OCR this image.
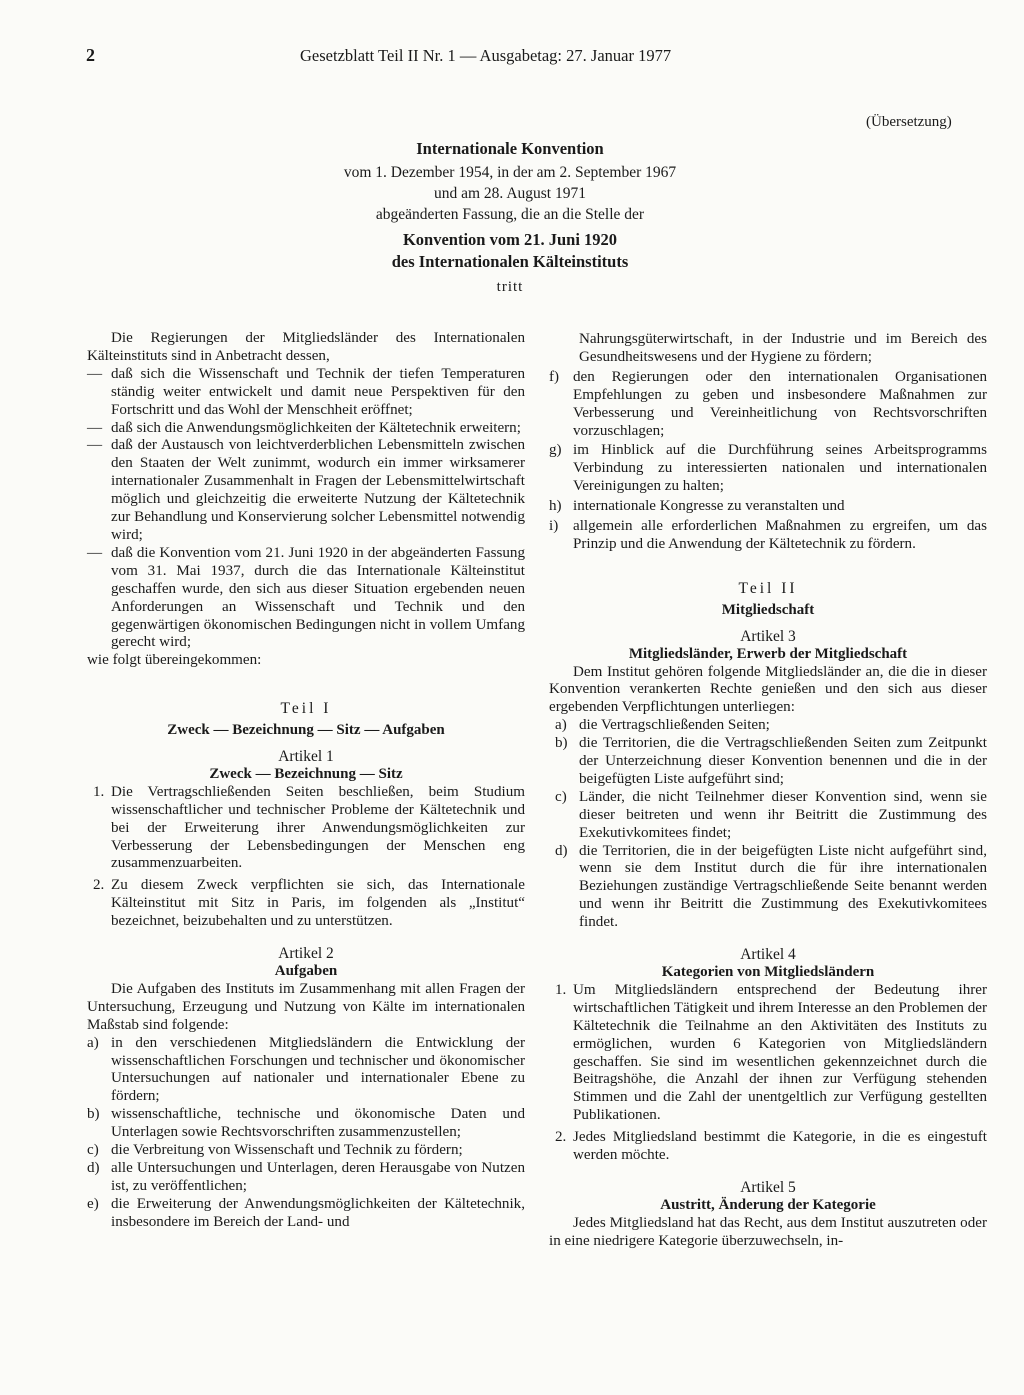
2	Gesetzblatt Teil II Nr. 1 — Ausgabetag: 27. Januar 1977
(Übersetzung)
Internationale Konvention
vom 1. Dezember 1954, in der am 2. September 1967
und am 28. August 1971
abgeänderten Fassung, die an die Stelle der
Konvention vom 21. Juni 1920
des Internationalen Kälteinstituts
tritt

Die Regierungen der Mitgliedsländer des Internationalen Kälteinstituts sind in Anbetracht dessen,

— daß sich die Wissenschaft und Technik der tiefen Temperaturen ständig weiter entwickelt und damit neue Perspektiven für den Fortschritt und das Wohl der Menschheit eröffnet;
— daß sich die Anwendungsmöglichkeiten der Kältetechnik erweitern;
— daß der Austausch von leichtverderblichen Lebensmitteln zwischen den Staaten der Welt zunimmt, wodurch ein immer wirksamerer internationaler Zusammenhalt in Fragen der Lebensmittelwirtschaft möglich und gleichzeitig die erweiterte Nutzung der Kältetechnik zur Behandlung und Konservierung solcher Lebensmittel notwendig wird;
— daß die Konvention vom 21. Juni 1920 in der abgeänderten Fassung vom 31. Mai 1937, durch die das Internationale Kälteinstitut geschaffen wurde, den sich aus dieser Situation ergebenden neuen Anforderungen an Wissenschaft und Technik und den gegenwärtigen ökonomischen Bedingungen nicht in vollem Umfang gerecht wird;

wie folgt übereingekommen:

Teil I
Zweck — Bezeichnung — Sitz — Aufgaben
Artikel 1
Zweck — Bezeichnung — Sitz
1. Die Vertragschließenden Seiten beschließen, beim Studium wissenschaftlicher und technischer Probleme der Kältetechnik und bei der Erweiterung ihrer Anwendungsmöglichkeiten zur Verbesserung der Lebensbedingungen der Menschen eng zusammenzuarbeiten.
2. Zu diesem Zweck verpflichten sie sich, das Internationale Kälteinstitut mit Sitz in Paris, im folgenden als „Institut“ bezeichnet, beizubehalten und zu unterstützen.
Artikel 2
Aufgaben

Die Aufgaben des Instituts im Zusammenhang mit allen Fragen der Untersuchung, Erzeugung und Nutzung von Kälte im internationalen Maßstab sind folgende:

a) in den verschiedenen Mitgliedsländern die Entwicklung der wissenschaftlichen Forschungen und technischer und ökonomischer Untersuchungen auf nationaler und internationaler Ebene zu fördern;
b) wissenschaftliche, technische und ökonomische Daten und Unterlagen sowie Rechtsvorschriften zusammenzustellen;
c) die Verbreitung von Wissenschaft und Technik zu fördern;
d) alle Untersuchungen und Unterlagen, deren Herausgabe von Nutzen ist, zu veröffentlichen;
e) die Erweiterung der Anwendungsmöglichkeiten der Kältetechnik, insbesondere im Bereich der Land- und

Nahrungsgüterwirtschaft, in der Industrie und im Bereich des Gesundheitswesens und der Hygiene zu fördern;

f) den Regierungen oder den internationalen Organisationen Empfehlungen zu geben und insbesondere Maßnahmen zur Verbesserung und Vereinheitlichung von Rechtsvorschriften vorzuschlagen;
g) im Hinblick auf die Durchführung seines Arbeitsprogramms Verbindung zu interessierten nationalen und internationalen Vereinigungen zu halten;
h) internationale Kongresse zu veranstalten und
i) allgemein alle erforderlichen Maßnahmen zu ergreifen, um das Prinzip und die Anwendung der Kältetechnik zu fördern.
Teil II
Mitgliedschaft
Artikel 3
Mitgliedsländer, Erwerb der Mitgliedschaft

Dem Institut gehören folgende Mitgliedsländer an, die die in dieser Konvention verankerten Rechte genießen und den sich aus dieser ergebenden Verpflichtungen unterliegen:

a) die Vertragschließenden Seiten;
b) die Territorien, die die Vertragschließenden Seiten zum Zeitpunkt der Unterzeichnung dieser Konvention benennen und die in der beigefügten Liste aufgeführt sind;
c) Länder, die nicht Teilnehmer dieser Konvention sind, wenn sie dieser beitreten und wenn ihr Beitritt die Zustimmung des Exekutivkomitees findet;
d) die Territorien, die in der beigefügten Liste nicht aufgeführt sind, wenn sie dem Institut durch die für ihre internationalen Beziehungen zuständige Vertragschließende Seite benannt werden und wenn ihr Beitritt die Zustimmung des Exekutivkomitees findet.
Artikel 4
Kategorien von Mitgliedsländern
1. Um Mitgliedsländern entsprechend der Bedeutung ihrer wirtschaftlichen Tätigkeit und ihrem Interesse an den Problemen der Kältetechnik die Teilnahme an den Aktivitäten des Instituts zu ermöglichen, wurden 6 Kategorien von Mitgliedsländern geschaffen. Sie sind im wesentlichen gekennzeichnet durch die Beitragshöhe, die Anzahl der ihnen zur Verfügung stehenden Stimmen und die Zahl der unentgeltlich zur Verfügung gestellten Publikationen.
2. Jedes Mitgliedsland bestimmt die Kategorie, in die es eingestuft werden möchte.
Artikel 5
Austritt, Änderung der Kategorie

Jedes Mitgliedsland hat das Recht, aus dem Institut auszutreten oder in eine niedrigere Kategorie überzuwechseln, in-
